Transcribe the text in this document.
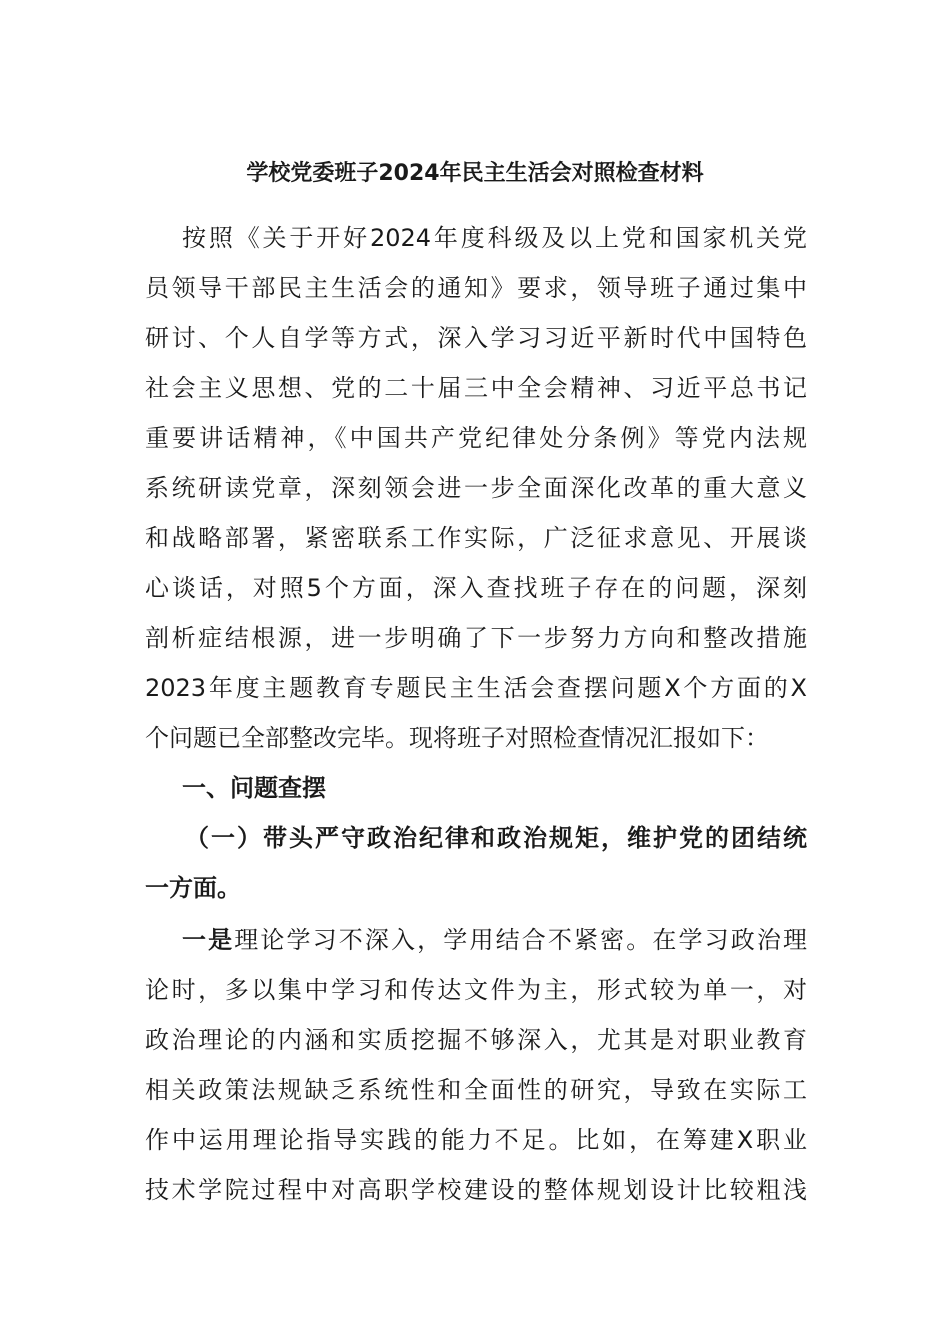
学校党委班子2024年民主生活会对照检查材料
按照《关于开好2024年度科级及以上党和国家机关党
员领导干部民主生活会的通知》要求，领导班子通过集中
研讨、个人自学等方式，深入学习习近平新时代中国特色
社会主义思想、党的二十届三中全会精神、习近平总书记
重要讲话精神，《中国共产党纪律处分条例》等党内法规
系统研读党章，深刻领会进一步全面深化改革的重大意义
和战略部署，紧密联系工作实际，广泛征求意见、开展谈
心谈话，对照5个方面，深入查找班子存在的问题，深刻
剖析症结根源，进一步明确了下一步努力方向和整改措施
2023年度主题教育专题民主生活会查摆问题X个方面的X
个问题已全部整改完毕。现将班子对照检查情况汇报如下：
一、问题查摆
（一）带头严守政治纪律和政治规矩，维护党的团结统
一方面。
一是理论学习不深入，学用结合不紧密。在学习政治理
论时，多以集中学习和传达文件为主，形式较为单一，对
政治理论的内涵和实质挖掘不够深入，尤其是对职业教育
相关政策法规缺乏系统性和全面性的研究，导致在实际工
作中运用理论指导实践的能力不足。比如，在筹建X职业
技术学院过程中对高职学校建设的整体规划设计比较粗浅
